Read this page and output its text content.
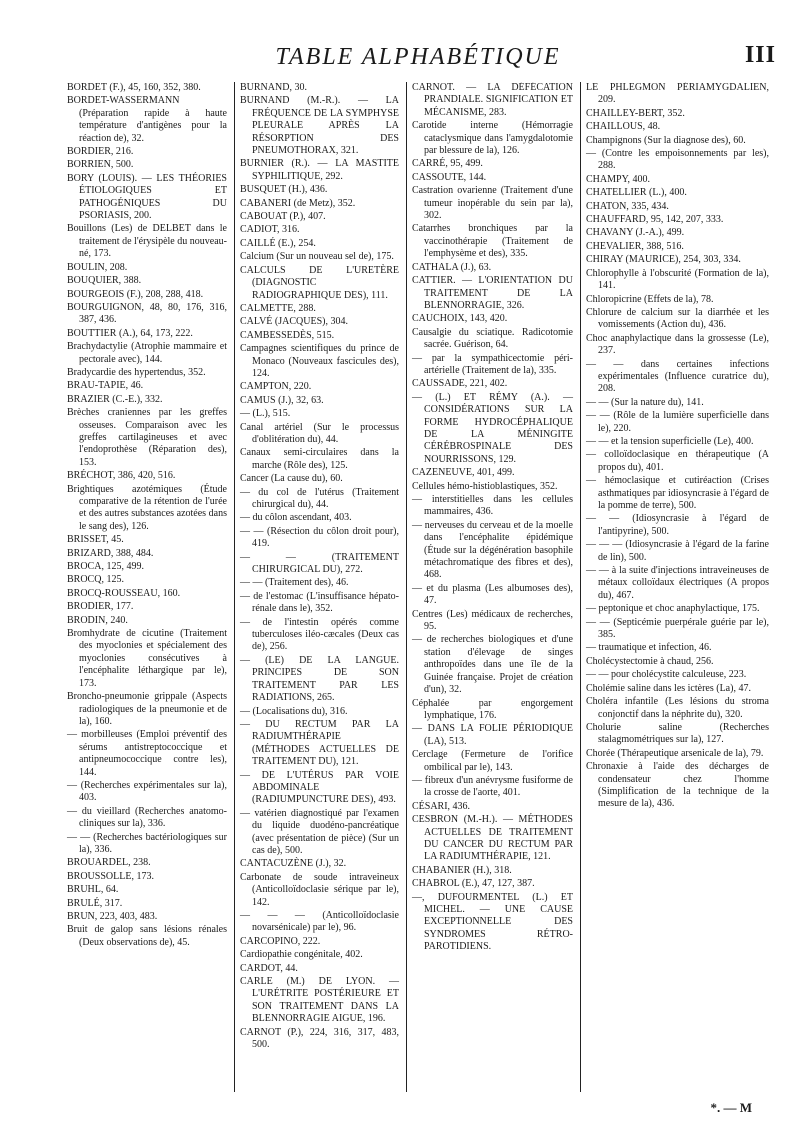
TABLE ALPHABÉTIQUE	III

BORDET (F.), 45, 160, 352, 380.

BORDET-WASSERMANN (Préparation rapide à haute température d'antigènes pour la réaction de), 32.

BORDIER, 216.

BORRIEN, 500.

BORY (LOUIS). — LES THÉORIES ÉTIOLOGIQUES ET PATHOGÉNIQUES DU PSORIASIS, 200.

Bouillons (Les) de DELBET dans le traitement de l'érysipèle du nouveau-né, 173.

BOULIN, 208.

BOUQUIER, 388.

BOURGEOIS (F.), 208, 288, 418.

BOURGUIGNON, 48, 80, 176, 316, 387, 436.

BOUTTIER (A.), 64, 173, 222.

Brachydactylie (Atrophie mammaire et pectorale avec), 144.

Bradycardie des hypertendus, 352.

BRAU-TAPIE, 46.

BRAZIER (C.-E.), 332.

Brèches craniennes par les greffes osseuses. Comparaison avec les greffes cartilagineuses et avec l'endoprothèse (Réparation des), 153.

BRÉCHOT, 386, 420, 516.

Brightiques azotémiques (Étude comparative de la rétention de l'urée et des autres substances azotées dans le sang des), 126.

BRISSET, 45.

BRIZARD, 388, 484.

BROCA, 125, 499.

BROCQ, 125.

BROCQ-ROUSSEAU, 160.

BRODIER, 177.

BRODIN, 240.

Bromhydrate de cicutine (Traitement des myoclonies et spécialement des myoclonies consécutives à l'encéphalite léthargique par le), 173.

Broncho-pneumonie grippale (Aspects radiologiques de la pneumonie et de la), 160.

— morbilleuses (Emploi préventif des sérums antistreptococcique et antipneumococcique contre les), 144.

— (Recherches expérimentales sur la), 403.

— du vieillard (Recherches anatomo-cliniques sur la), 336.

— — (Recherches bactériologiques sur la), 336.

BROUARDEL, 238.

BROUSSOLLE, 173.

BRUHL, 64.

BRULÉ, 317.

BRUN, 223, 403, 483.

Bruit de galop sans lésions rénales (Deux observations de), 45.

BURNAND, 30.

BURNAND (M.-R.). — LA FRÉQUENCE DE LA SYMPHYSE PLEURALE APRÈS LA RÉSORPTION DES PNEUMOTHORAX, 321.

BURNIER (R.). — LA MASTITE SYPHILITIQUE, 292.

BUSQUET (H.), 436.

CABANERI (de Metz), 352.

CABOUAT (P.), 407.

CADIOT, 316.

CAILLÉ (E.), 254.

Calcium (Sur un nouveau sel de), 175.

CALCULS DE L'URETÈRE (DIAGNOSTIC RADIOGRAPHIQUE DES), 111.

CALMETTE, 288.

CALVÉ (JACQUES), 304.

CAMBESSEDÈS, 515.

Campagnes scientifiques du prince de Monaco (Nouveaux fascicules des), 124.

CAMPTON, 220.

CAMUS (J.), 32, 63.

— (L.), 515.

Canal artériel (Sur le processus d'oblitération du), 44.

Canaux semi-circulaires dans la marche (Rôle des), 125.

Cancer (La cause du), 60.

— du col de l'utérus (Traitement chirurgical du), 44.

— du côlon ascendant, 403.

— — (Résection du côlon droit pour), 419.

— — (TRAITEMENT CHIRURGICAL DU), 272.

— — (Traitement des), 46.

— de l'estomac (L'insuffisance hépato-rénale dans le), 352.

— de l'intestin opérés comme tuberculoses iléo-cæcales (Deux cas de), 256.

— (LE) DE LA LANGUE. PRINCIPES DE SON TRAITEMENT PAR LES RADIATIONS, 265.

— (Localisations du), 316.

— DU RECTUM PAR LA RADIUMTHÉRAPIE (MÉTHODES ACTUELLES DE TRAITEMENT DU), 121.

— DE L'UTÉRUS PAR VOIE ABDOMINALE (RADIUMPUNCTURE DES), 493.

— vatérien diagnostiqué par l'examen du liquide duodéno-pancréatique (avec présentation de pièce) (Sur un cas de), 500.

CANTACUZÈNE (J.), 32.

Carbonate de soude intraveineux (Anticolloïdoclasie sérique par le), 142.

— — — (Anticolloïdoclasie novarsénicale) par le), 96.

CARCOPINO, 222.

Cardiopathie congénitale, 402.

CARDOT, 44.

CARLE (M.) DE LYON. — L'URÉTRITE POSTÉRIEURE ET SON TRAITEMENT DANS LA BLENNORRAGIE AIGUE, 196.

CARNOT (P.), 224, 316, 317, 483, 500.

CARNOT. — LA DÉFÉCATION PRANDIALE. SIGNIFICATION ET MÉCANISME, 283.

Carotide interne (Hémorragie cataclysmique dans l'amygdalotomie par blessure de la), 126.

CARRÉ, 95, 499.

CASSOUTE, 144.

Castration ovarienne (Traitement d'une tumeur inopérable du sein par la), 302.

Catarrhes bronchiques par la vaccinothérapie (Traitement de l'emphysème et des), 335.

CATHALA (J.), 63.

CATTIER. — L'ORIENTATION DU TRAITEMENT DE LA BLENNORRAGIE, 326.

CAUCHOIX, 143, 420.

Causalgie du sciatique. Radicotomie sacrée. Guérison, 64.

— par la sympathicectomie péri-artérielle (Traitement de la), 335.

CAUSSADE, 221, 402.

— (L.) ET RÉMY (A.). — CONSIDÉRATIONS SUR LA FORME HYDROCÉPHALIQUE DE LA MÉNINGITE CÉRÉBROSPINALE DES NOURRISSONS, 129.

CAZENEUVE, 401, 499.

Cellules hémo-histioblastiques, 352.

— interstitielles dans les cellules mammaires, 436.

— nerveuses du cerveau et de la moelle dans l'encéphalite épidémique (Étude sur la dégénération basophile métachromatique des fibres et des), 468.

— et du plasma (Les albumoses des), 47.

Centres (Les) médicaux de recherches, 95.

— de recherches biologiques et d'une station d'élevage de singes anthropoïdes dans une île de la Guinée française. Projet de création d'un), 32.

Céphalée par engorgement lymphatique, 176.

— DANS LA FOLIE PÉRIODIQUE (LA), 513.

Cerclage (Fermeture de l'orifice ombilical par le), 143.

— fibreux d'un anévrysme fusiforme de la crosse de l'aorte, 401.

CÉSARI, 436.

CESBRON (M.-H.). — MÉTHODES ACTUELLES DE TRAITEMENT DU CANCER DU RECTUM PAR LA RADIUMTHÉRAPIE, 121.

CHABANIER (H.), 318.

CHABROL (E.), 47, 127, 387.

—, DUFOURMENTEL (L.) ET MICHEL. — UNE CAUSE EXCEPTIONNELLE DES SYNDROMES RÉTRO-PAROTIDIENS.

LE PHLEGMON PÉRIAMYGDALIEN, 209.

CHAILLEY-BERT, 352.

CHAILLOUS, 48.

Champignons (Sur la diagnose des), 60.

— (Contre les empoisonnements par les), 288.

CHAMPY, 400.

CHATELLIER (L.), 400.

CHATON, 335, 434.

CHAUFFARD, 95, 142, 207, 333.

CHAVANY (J.-A.), 499.

CHEVALIER, 388, 516.

CHIRAY (MAURICE), 254, 303, 334.

Chlorophylle à l'obscurité (Formation de la), 141.

Chloropicrine (Effets de la), 78.

Chlorure de calcium sur la diarrhée et les vomissements (Action du), 436.

Choc anaphylactique dans la grossesse (Le), 237.

— — dans certaines infections expérimentales (Influence curatrice du), 208.

— — (Sur la nature du), 141.

— — (Rôle de la lumière superficielle dans le), 220.

— — et la tension superficielle (Le), 400.

— colloïdoclasique en thérapeutique (A propos du), 401.

— hémoclasique et cutiréaction (Crises asthmatiques par idiosyncrasie à l'égard de la pomme de terre), 500.

— — (Idiosyncrasie à l'égard de l'antipyrine), 500.

— — — (Idiosyncrasie à l'égard de la farine de lin), 500.

— — à la suite d'injections intraveineuses de métaux colloïdaux électriques (A propos du), 467.

— peptonique et choc anaphylactique, 175.

— — (Septicémie puerpérale guérie par le), 385.

— traumatique et infection, 46.

Cholécystectomie à chaud, 256.

— — pour cholécystite calculeuse, 223.

Cholémie saline dans les ictères (La), 47.

Choléra infantile (Les lésions du stroma conjonctif dans la néphrite du), 320.

Cholurie saline (Recherches stalagmométriques sur la), 127.

Chorée (Thérapeutique arsenicale de la), 79.

Chronaxie à l'aide des décharges de condensateur chez l'homme (Simplification de la technique de la mesure de la), 436.

*. — M
